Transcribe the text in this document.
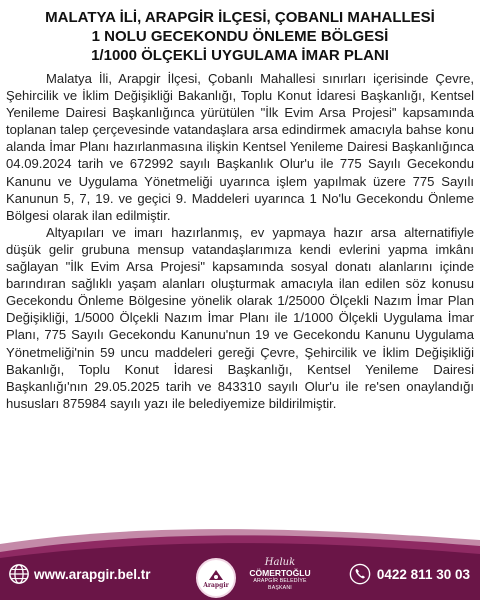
MALATYA İLİ, ARAPGİR İLÇESİ, ÇOBANLI MAHALLESİ
1 NOLU GECEKONDU ÖNLEME BÖLGESİ
1/1000 ÖLÇEKLİ UYGULAMA İMAR PLANI

Malatya İli, Arapgir İlçesi, Çobanlı Mahallesi sınırları içerisinde Çevre, Şehircilik ve İklim Değişikliği Bakanlığı, Toplu Konut İdaresi Başkanlığı, Kentsel Yenileme Dairesi Başkanlığınca yürütülen "İlk Evim Arsa Projesi" kapsamında toplanan talep çerçevesinde vatandaşlara arsa edindirmek amacıyla bahse konu alanda İmar Planı hazırlanmasına ilişkin Kentsel Yenileme Dairesi Başkanlığınca 04.09.2024 tarih ve 672992 sayılı Başkanlık Olur'u ile 775 Sayılı Gecekondu Kanunu ve Uygulama Yönetmeliği uyarınca işlem yapılmak üzere 775 Sayılı Kanunun 5, 7, 19. ve geçici 9. Maddeleri uyarınca 1 No'lu Gecekondu Önleme Bölgesi olarak ilan edilmiştir.

Altyapıları ve imarı hazırlanmış, ev yapmaya hazır arsa alternatifiyle düşük gelir grubuna mensup vatandaşlarımıza kendi evlerini yapma imkânı sağlayan "İlk Evim Arsa Projesi" kapsamında sosyal donatı alanlarını içinde barındıran sağlıklı yaşam alanları oluşturmak amacıyla ilan edilen söz konusu Gecekondu Önleme Bölgesine yönelik olarak 1/25000 Ölçekli Nazım İmar Plan Değişikliği, 1/5000 Ölçekli Nazım İmar Planı ile 1/1000 Ölçekli Uygulama İmar Planı, 775 Sayılı Gecekondu Kanunu'nun 19 ve Gecekondu Kanunu Uygulama Yönetmeliği'nin 59 uncu maddeleri gereği Çevre, Şehircilik ve İklim Değişikliği Bakanlığı, Toplu Konut İdaresi Başkanlığı, Kentsel Yenileme Dairesi Başkanlığı'nın 29.05.2025 tarih ve 843310 sayılı Olur'u ile re'sen onaylandığı hususları 875984 sayılı yazı ile belediyemize bildirilmiştir.

www.arapgir.bel.tr
Arapgir
Haluk
CÖMERTOĞLU
ARAPGİR BELEDİYE BAŞKANI
0422 811 30 03
